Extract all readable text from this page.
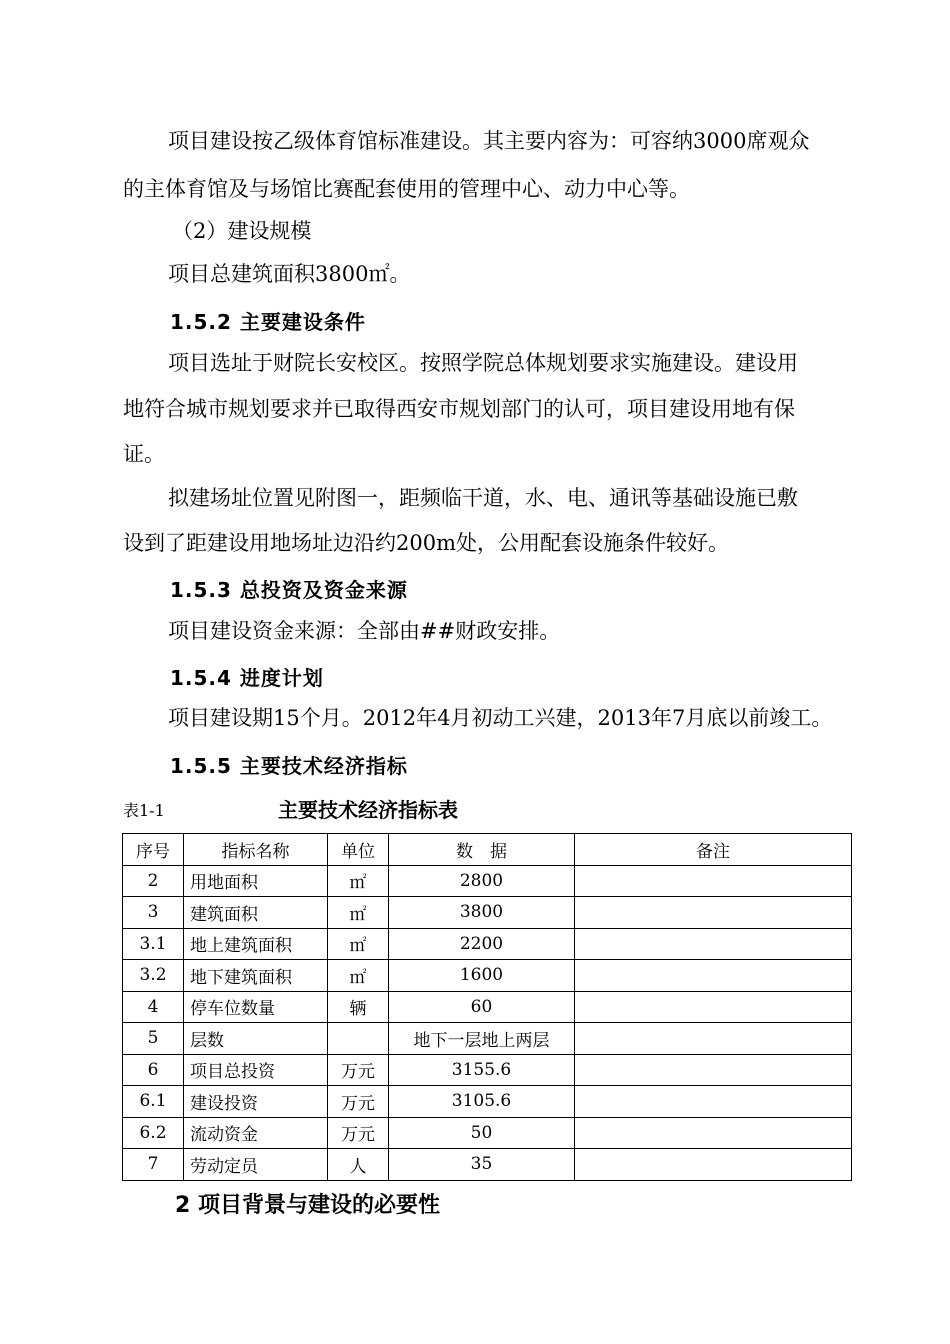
项目建设按乙级体育馆标准建设。其主要内容为：可容纳3000席观众
的主体育馆及与场馆比赛配套使用的管理中心、动力中心等。
（2）建设规模
项目总建筑面积3800㎡。
1.5.2 主要建设条件
项目选址于财院长安校区。按照学院总体规划要求实施建设。建设用
地符合城市规划要求并已取得西安市规划部门的认可，项目建设用地有保
证。
拟建场址位置见附图一，距频临干道，水、电、通讯等基础设施已敷
设到了距建设用地场址边沿约200m处，公用配套设施条件较好。
1.5.3 总投资及资金来源
项目建设资金来源：全部由##财政安排。
1.5.4 进度计划
项目建设期15个月。2012年4月初动工兴建，2013年7月底以前竣工。
1.5.5 主要技术经济指标
表1-1	主要技术经济指标表
序号	指标名称	单位	数　据	备注
2	用地面积	㎡	2800	
3	建筑面积	㎡	3800	
3.1	地上建筑面积	㎡	2200	
3.2	地下建筑面积	㎡	1600	
4	停车位数量	辆	60	
5	层数		地下一层地上两层	
6	项目总投资	万元	3155.6	
6.1	建设投资	万元	3105.6	
6.2	流动资金	万元	50	
7	劳动定员	人	35	
2 项目背景与建设的必要性
